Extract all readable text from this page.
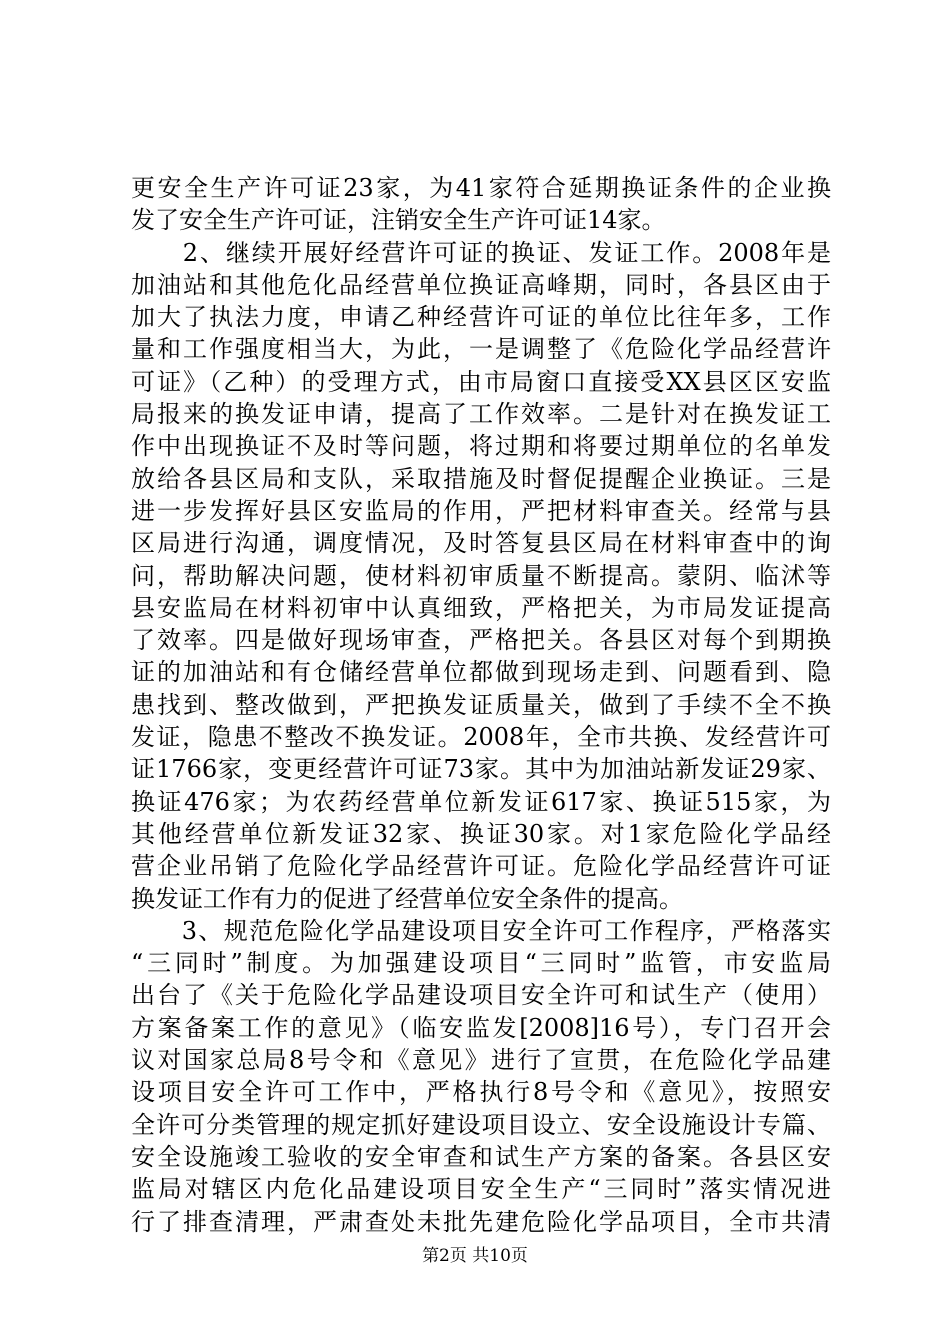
更安全生产许可证23家，为41家符合延期换证条件的企业换
发了安全生产许可证，注销安全生产许可证14家。
　　2、继续开展好经营许可证的换证、发证工作。2008年是
加油站和其他危化品经营单位换证高峰期，同时，各县区由于
加大了执法力度，申请乙种经营许可证的单位比往年多，工作
量和工作强度相当大，为此，一是调整了《危险化学品经营许
可证》（乙种）的受理方式，由市局窗口直接受XX县区区安监
局报来的换发证申请，提高了工作效率。二是针对在换发证工
作中出现换证不及时等问题，将过期和将要过期单位的名单发
放给各县区局和支队，采取措施及时督促提醒企业换证。三是
进一步发挥好县区安监局的作用，严把材料审查关。经常与县
区局进行沟通，调度情况，及时答复县区局在材料审查中的询
问，帮助解决问题，使材料初审质量不断提高。蒙阴、临沭等
县安监局在材料初审中认真细致，严格把关，为市局发证提高
了效率。四是做好现场审查，严格把关。各县区对每个到期换
证的加油站和有仓储经营单位都做到现场走到、问题看到、隐
患找到、整改做到，严把换发证质量关，做到了手续不全不换
发证，隐患不整改不换发证。2008年，全市共换、发经营许可
证1766家，变更经营许可证73家。其中为加油站新发证29家、
换证476家；为农药经营单位新发证617家、换证515家，为
其他经营单位新发证32家、换证30家。对1家危险化学品经
营企业吊销了危险化学品经营许可证。危险化学品经营许可证
换发证工作有力的促进了经营单位安全条件的提高。
　　3、规范危险化学品建设项目安全许可工作程序，严格落实
“三同时”制度。为加强建设项目“三同时”监管，市安监局
出台了《关于危险化学品建设项目安全许可和试生产（使用）
方案备案工作的意见》（临安监发[2008]16号），专门召开会
议对国家总局8号令和《意见》进行了宣贯，在危险化学品建
设项目安全许可工作中，严格执行8号令和《意见》，按照安
全许可分类管理的规定抓好建设项目设立、安全设施设计专篇、
安全设施竣工验收的安全审查和试生产方案的备案。各县区安
监局对辖区内危化品建设项目安全生产“三同时”落实情况进
行了排查清理，严肃查处未批先建危险化学品项目，全市共清
第2页 共10页
